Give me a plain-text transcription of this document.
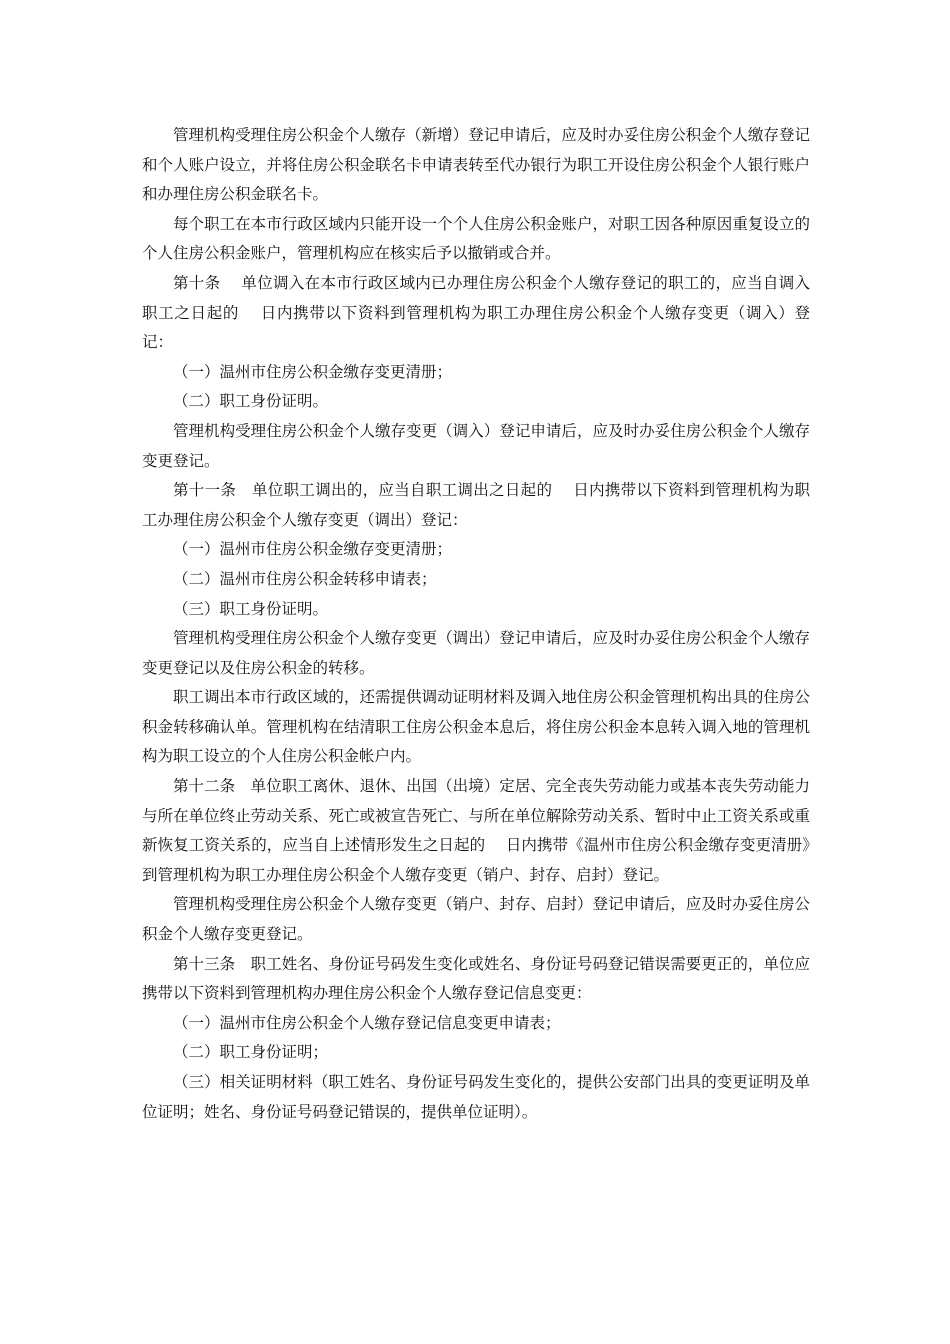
管理机构受理住房公积金个人缴存（新增）登记申请后，应及时办妥住房公积金个人缴存登记和个人账户设立，并将住房公积金联名卡申请表转至代办银行为职工开设住房公积金个人银行账户和办理住房公积金联名卡。

每个职工在本市行政区域内只能开设一个个人住房公积金账户，对职工因各种原因重复设立的个人住房公积金账户，管理机构应在核实后予以撤销或合并。

第十条　 单位调入在本市行政区域内已办理住房公积金个人缴存登记的职工的，应当自调入职工之日起的　 日内携带以下资料到管理机构为职工办理住房公积金个人缴存变更（调入）登记：

（一）温州市住房公积金缴存变更清册；

（二）职工身份证明。

管理机构受理住房公积金个人缴存变更（调入）登记申请后，应及时办妥住房公积金个人缴存变更登记。

第十一条　单位职工调出的，应当自职工调出之日起的　 日内携带以下资料到管理机构为职工办理住房公积金个人缴存变更（调出）登记：

（一）温州市住房公积金缴存变更清册；

（二）温州市住房公积金转移申请表；

（三）职工身份证明。

管理机构受理住房公积金个人缴存变更（调出）登记申请后，应及时办妥住房公积金个人缴存变更登记以及住房公积金的转移。

职工调出本市行政区域的，还需提供调动证明材料及调入地住房公积金管理机构出具的住房公积金转移确认单。管理机构在结清职工住房公积金本息后，将住房公积金本息转入调入地的管理机构为职工设立的个人住房公积金帐户内。

第十二条　单位职工离休、退休、出国（出境）定居、完全丧失劳动能力或基本丧失劳动能力与所在单位终止劳动关系、死亡或被宣告死亡、与所在单位解除劳动关系、暂时中止工资关系或重新恢复工资关系的，应当自上述情形发生之日起的　 日内携带《温州市住房公积金缴存变更清册》到管理机构为职工办理住房公积金个人缴存变更（销户、封存、启封）登记。

管理机构受理住房公积金个人缴存变更（销户、封存、启封）登记申请后，应及时办妥住房公积金个人缴存变更登记。

第十三条　职工姓名、身份证号码发生变化或姓名、身份证号码登记错误需要更正的，单位应携带以下资料到管理机构办理住房公积金个人缴存登记信息变更：

（一）温州市住房公积金个人缴存登记信息变更申请表；

（二）职工身份证明；

（三）相关证明材料（职工姓名、身份证号码发生变化的，提供公安部门出具的变更证明及单位证明；姓名、身份证号码登记错误的，提供单位证明）。
